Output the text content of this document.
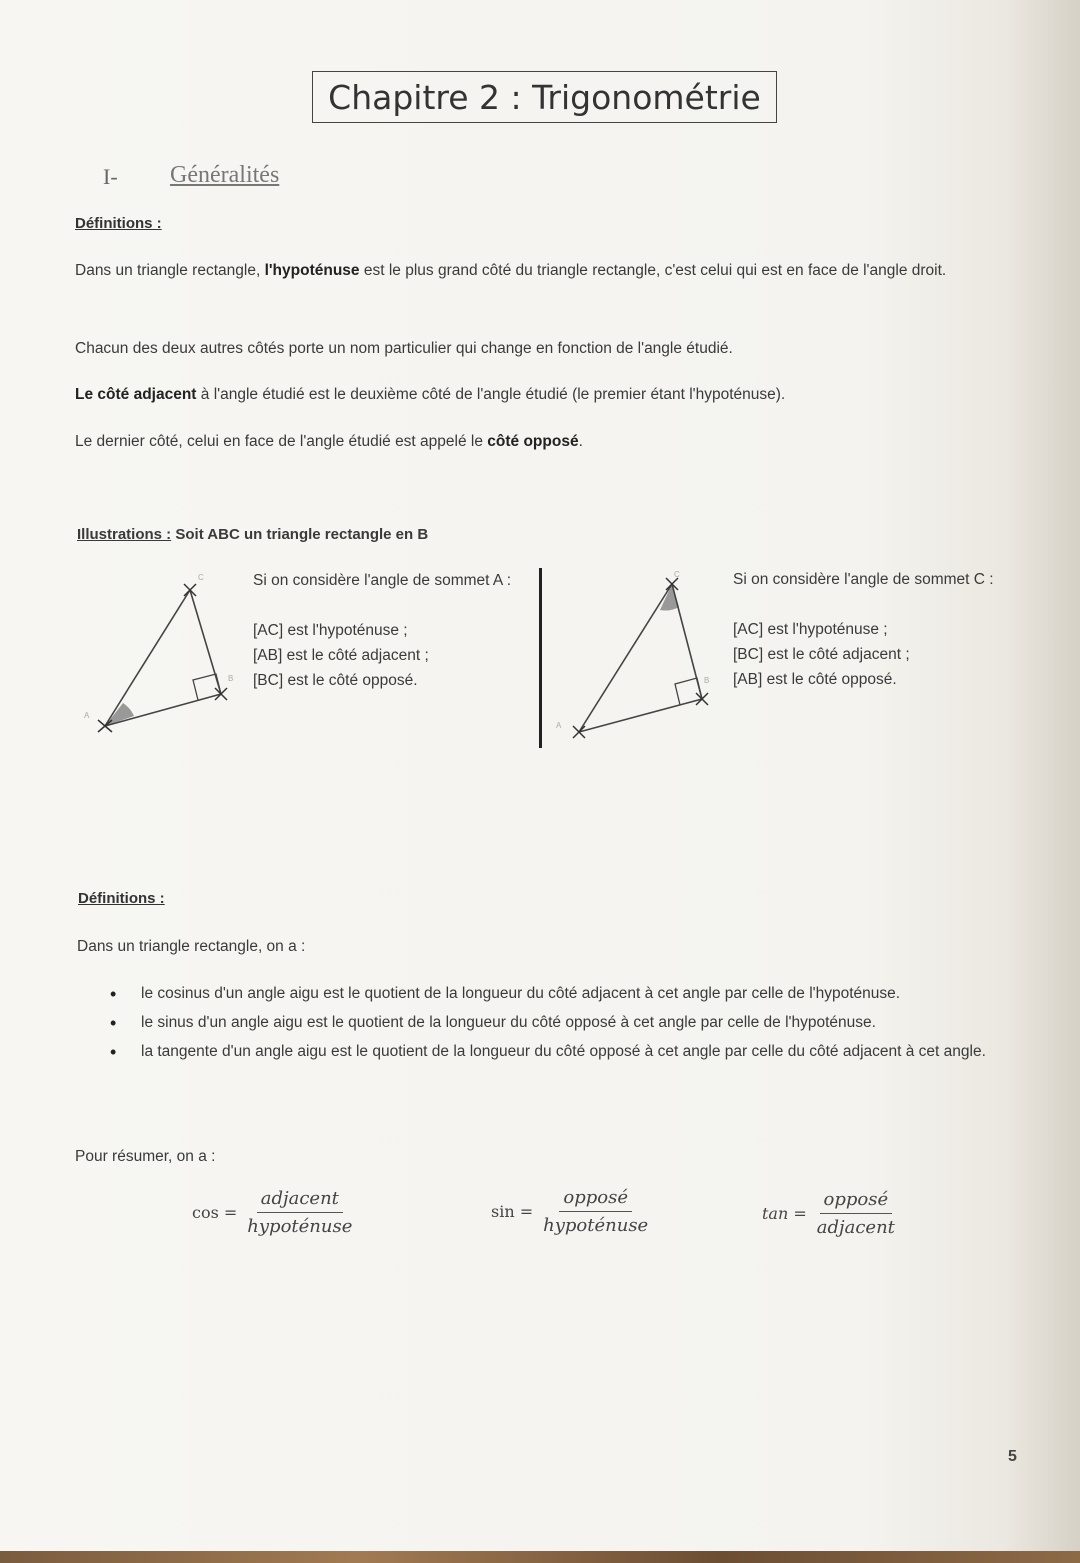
Chapitre 2 : Trigonométrie
I- Généralités
Définitions :
Dans un triangle rectangle, l'hypoténuse est le plus grand côté du triangle rectangle, c'est celui qui est en face de l'angle droit.
Chacun des deux autres côtés porte un nom particulier qui change en fonction de l'angle étudié.
Le côté adjacent à l'angle étudié est le deuxième côté de l'angle étudié (le premier étant l'hypoténuse).
Le dernier côté, celui en face de l'angle étudié est appelé le côté opposé.
Illustrations : Soit ABC un triangle rectangle en B
A
C
B
Si on considère l'angle de sommet A :
[AC] est l'hypoténuse ;
[AB] est le côté adjacent ;
[BC] est le côté opposé.
A
C
B
Si on considère l'angle de sommet C :
[AC] est l'hypoténuse ;
[BC] est le côté adjacent ;
[AB] est le côté opposé.
Définitions :
Dans un triangle rectangle, on a :
• le cosinus d'un angle aigu est le quotient de la longueur du côté adjacent à cet angle par celle de l'hypoténuse.
• le sinus d'un angle aigu est le quotient de la longueur du côté opposé à cet angle par celle de l'hypoténuse.
• la tangente d'un angle aigu est le quotient de la longueur du côté opposé à cet angle par celle du côté adjacent à cet angle.
Pour résumer, on a :
$\cos = \frac{\text{adjacent}}{\text{hypoténuse}}$	$\sin = \frac{\text{opposé}}{\text{hypoténuse}}$	$\tan = \frac{\text{opposé}}{\text{adjacent}}$
5
